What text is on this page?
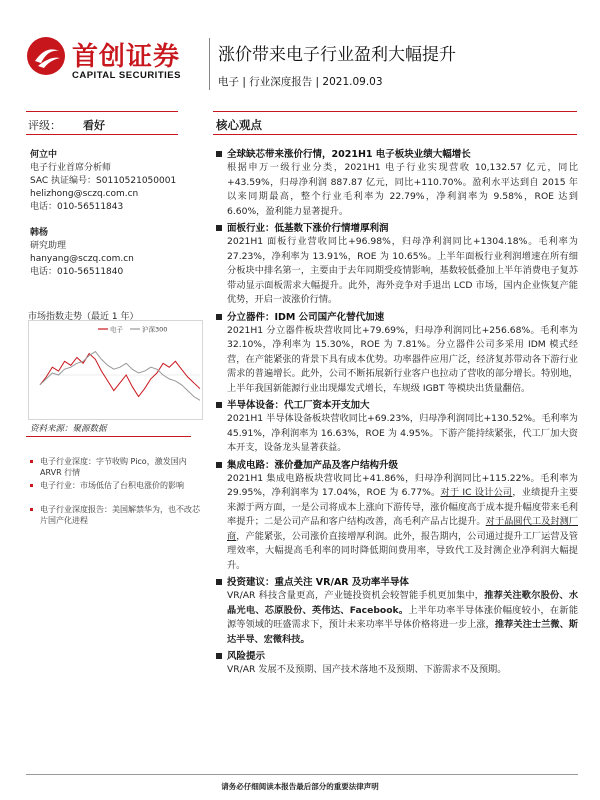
首创证券
CAPITAL SECURITIES
涨价带来电子行业盈利大幅提升
电子 | 行业深度报告 | 2021.09.03
评级： 看好	核心观点
何立中
电子行业首席分析师
SAC 执证编号：S0110521050001
helizhong@sczq.com.cn
电话：010-56511843
韩杨
研究助理
hanyang@sczq.com.cn
电话：010-56511840
市场指数走势（最近 1 年）
电子	沪深300
资料来源：聚源数据
电子行业深度：字节收购 Pico，激发国内 ARVR 行情
电子行业：市场低估了台积电涨价的影响
电子行业深度报告：美国解禁华为，也不改芯片国产化进程
全球缺芯带来涨价行情，2021H1 电子板块业绩大幅增长
根据申万一级行业分类，2021H1 电子行业实现营收 10,132.57 亿元，同比+43.59%，归母净利润 887.87 亿元，同比+110.70%。盈利水平达到自 2015 年以来同期最高，整个行业毛利率为 22.79%，净利润率为 9.58%，ROE 达到 6.60%，盈利能力显著提升。
面板行业：低基数下涨价行情增厚利润
2021H1 面板行业营收同比+96.98%，归母净利润同比+1304.18%。毛利率为 27.23%，净利率为 13.91%，ROE 为 10.65%。上半年面板行业利润增速在所有细分板块中排名第一，主要由于去年同期受疫情影响，基数较低叠加上半年消费电子复苏带动显示面板需求大幅提升。此外，海外竞争对手退出 LCD 市场，国内企业恢复产能优势，开启一波涨价行情。
分立器件：IDM 公司国产化替代加速
2021H1 分立器件板块营收同比+79.69%，归母净利润同比+256.68%。毛利率为 32.10%，净利率为 15.30%，ROE 为 7.81%。分立器件公司多采用 IDM 模式经营，在产能紧张的背景下具有成本优势。功率器件应用广泛，经济复苏带动各下游行业需求的普遍增长。此外，公司不断拓展新行业客户也拉动了营收的部分增长。特别地，上半年我国新能源行业出现爆发式增长，车规级 IGBT 等模块出货量翻倍。
半导体设备：代工厂资本开支加大
2021H1 半导体设备板块营收同比+69.23%，归母净利润同比+130.52%。毛利率为 45.91%，净利润率为 16.63%，ROE 为 4.95%。下游产能持续紧张，代工厂加大资本开支，设备龙头显著获益。
集成电路：涨价叠加产品及客户结构升级
2021H1 集成电路板块营收同比+41.86%，归母净利润同比+115.22%。毛利率为 29.95%，净利润率为 17.04%，ROE 为 6.77%。对于 IC 设计公司，业绩提升主要来源于两方面，一是公司将成本上涨向下游传导，涨价幅度高于成本提升幅度带来毛利率提升；二是公司产品和客户结构改善，高毛利产品占比提升。对于晶圆代工及封测厂商，产能紧张，公司涨价直接增厚利润。此外，报告期内，公司通过提升工厂运营及管理效率，大幅提高毛利率的同时降低期间费用率，导致代工及封测企业净利润大幅提升。
投资建议：重点关注 VR/AR 及功率半导体
VR/AR 科技含量更高，产业链投资机会较智能手机更加集中，推荐关注歌尔股份、水晶光电、芯原股份、英伟达、Facebook。上半年功率半导体涨价幅度较小，在新能源等领域的旺盛需求下，预计未来功率半导体价格将进一步上涨，推荐关注士兰微、斯达半导、宏微科技。
风险提示
VR/AR 发展不及预期、国产技术落地不及预期、下游需求不及预期。
请务必仔细阅读本报告最后部分的重要法律声明
